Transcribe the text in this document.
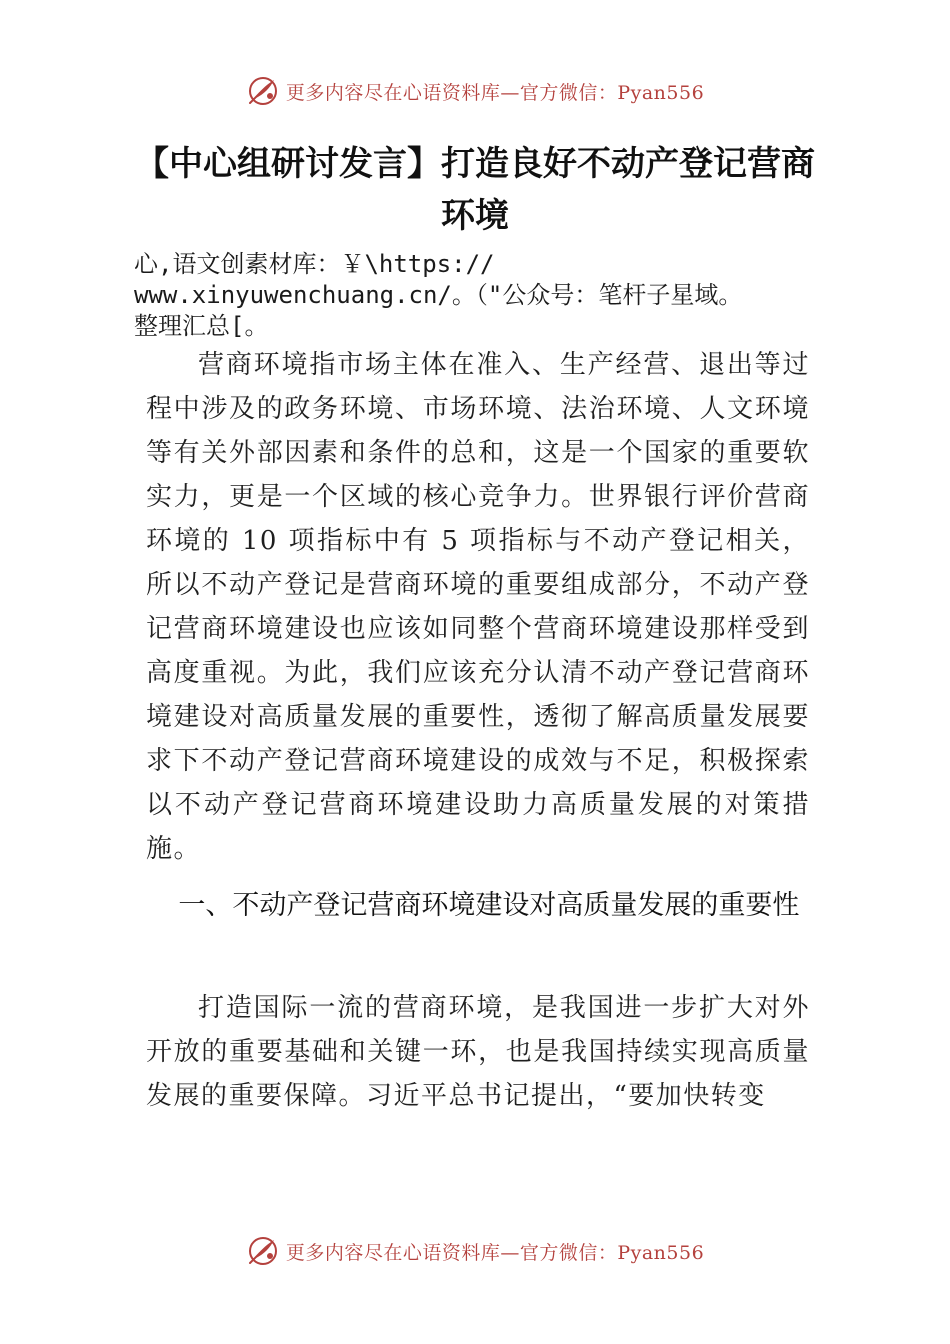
更多内容尽在心语资料库—官方微信：Pyan556
【中心组研讨发言】打造良好不动产登记营商环境

心,语文创素材库：￥\https://
www.xinyuwenchuang.cn/。（"公众号：笔杆子星域。
整理汇总[。

营商环境指市场主体在准入、生产经营、退出等过程中涉及的政务环境、市场环境、法治环境、人文环境等有关外部因素和条件的总和，这是一个国家的重要软实力，更是一个区域的核心竞争力。世界银行评价营商环境的 10 项指标中有 5 项指标与不动产登记相关，所以不动产登记是营商环境的重要组成部分，不动产登记营商环境建设也应该如同整个营商环境建设那样受到高度重视。为此，我们应该充分认清不动产登记营商环境建设对高质量发展的重要性，透彻了解高质量发展要求下不动产登记营商环境建设的成效与不足，积极探索以不动产登记营商环境建设助力高质量发展的对策措施。

一、不动产登记营商环境建设对高质量发展的重要性

打造国际一流的营商环境，是我国进一步扩大对外开放的重要基础和关键一环，也是我国持续实现高质量发展的重要保障。习近平总书记提出，“要加快转变

更多内容尽在心语资料库—官方微信：Pyan556
